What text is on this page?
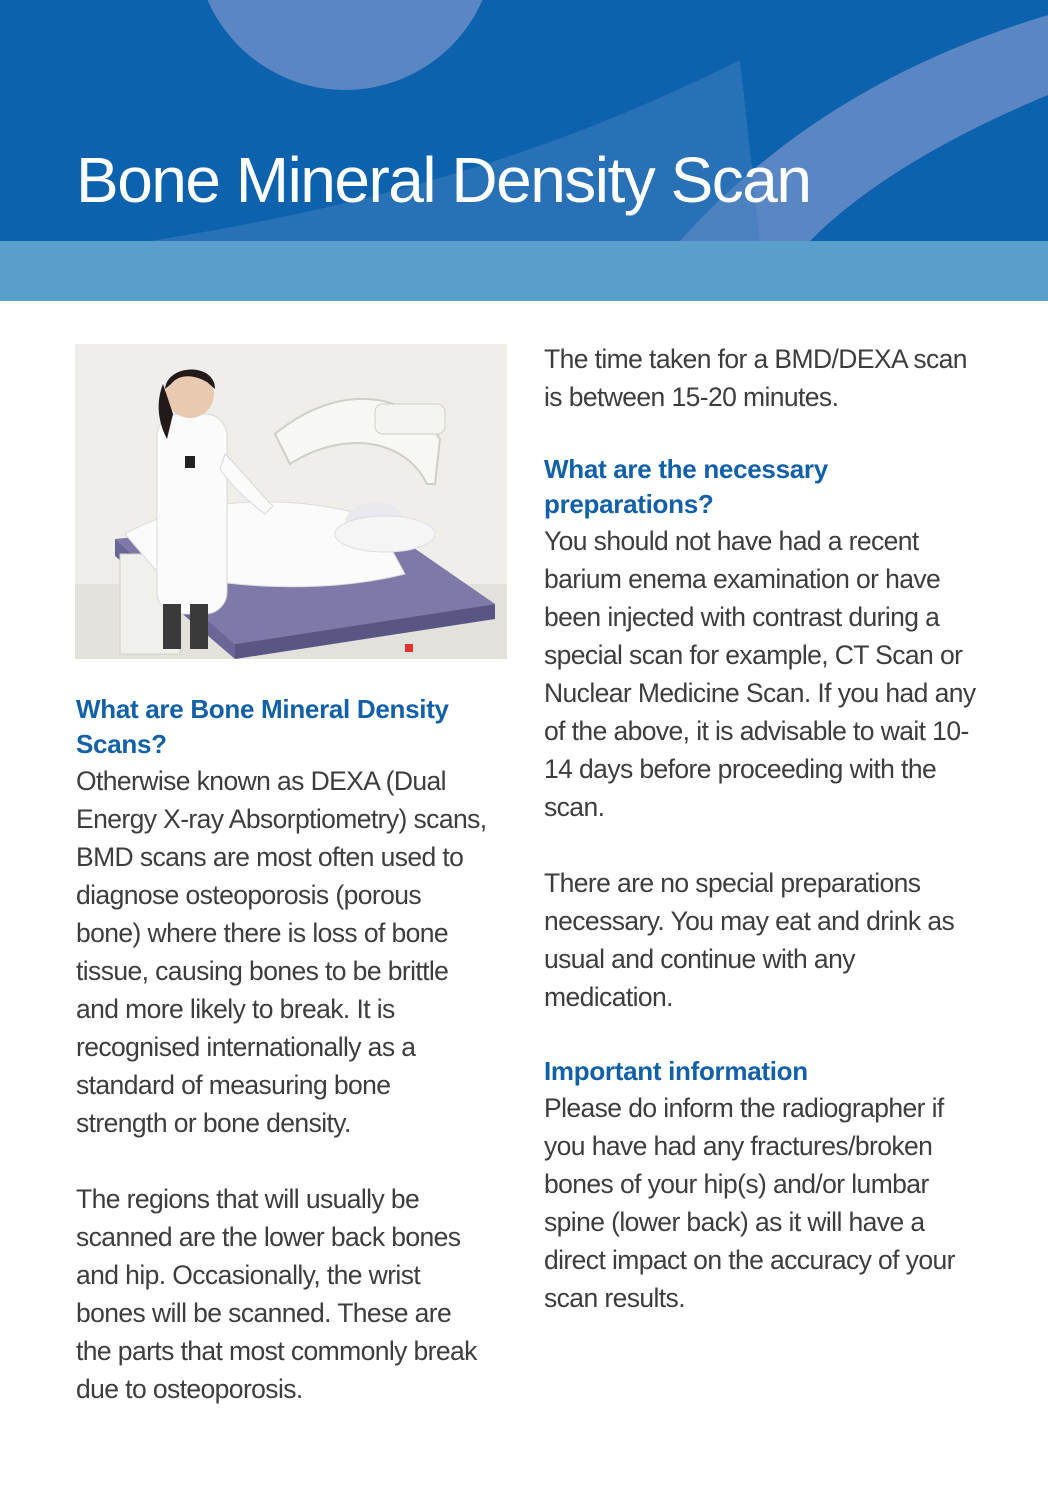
Bone Mineral Density Scan
What are Bone Mineral Density Scans?

Otherwise known as DEXA (Dual Energy X-ray Absorptiometry) scans, BMD scans are most often used to diagnose osteoporosis (porous bone) where there is loss of bone tissue, causing bones to be brittle and more likely to break. It is recognised internationally as a standard of measuring bone strength or bone density.

The regions that will usually be scanned are the lower back bones and hip. Occasionally, the wrist bones will be scanned. These are the parts that most commonly break due to osteoporosis.

The time taken for a BMD/DEXA scan is between 15-20 minutes.

What are the necessary preparations?

You should not have had a recent barium enema examination or have been injected with contrast during a special scan for example, CT Scan or Nuclear Medicine Scan. If you had any of the above, it is advisable to wait 10-14 days before proceeding with the scan.

There are no special preparations necessary. You may eat and drink as usual and continue with any medication.

Important information

Please do inform the radiographer if you have had any fractures/broken bones of your hip(s) and/or lumbar spine (lower back) as it will have a direct impact on the accuracy of your scan results.
